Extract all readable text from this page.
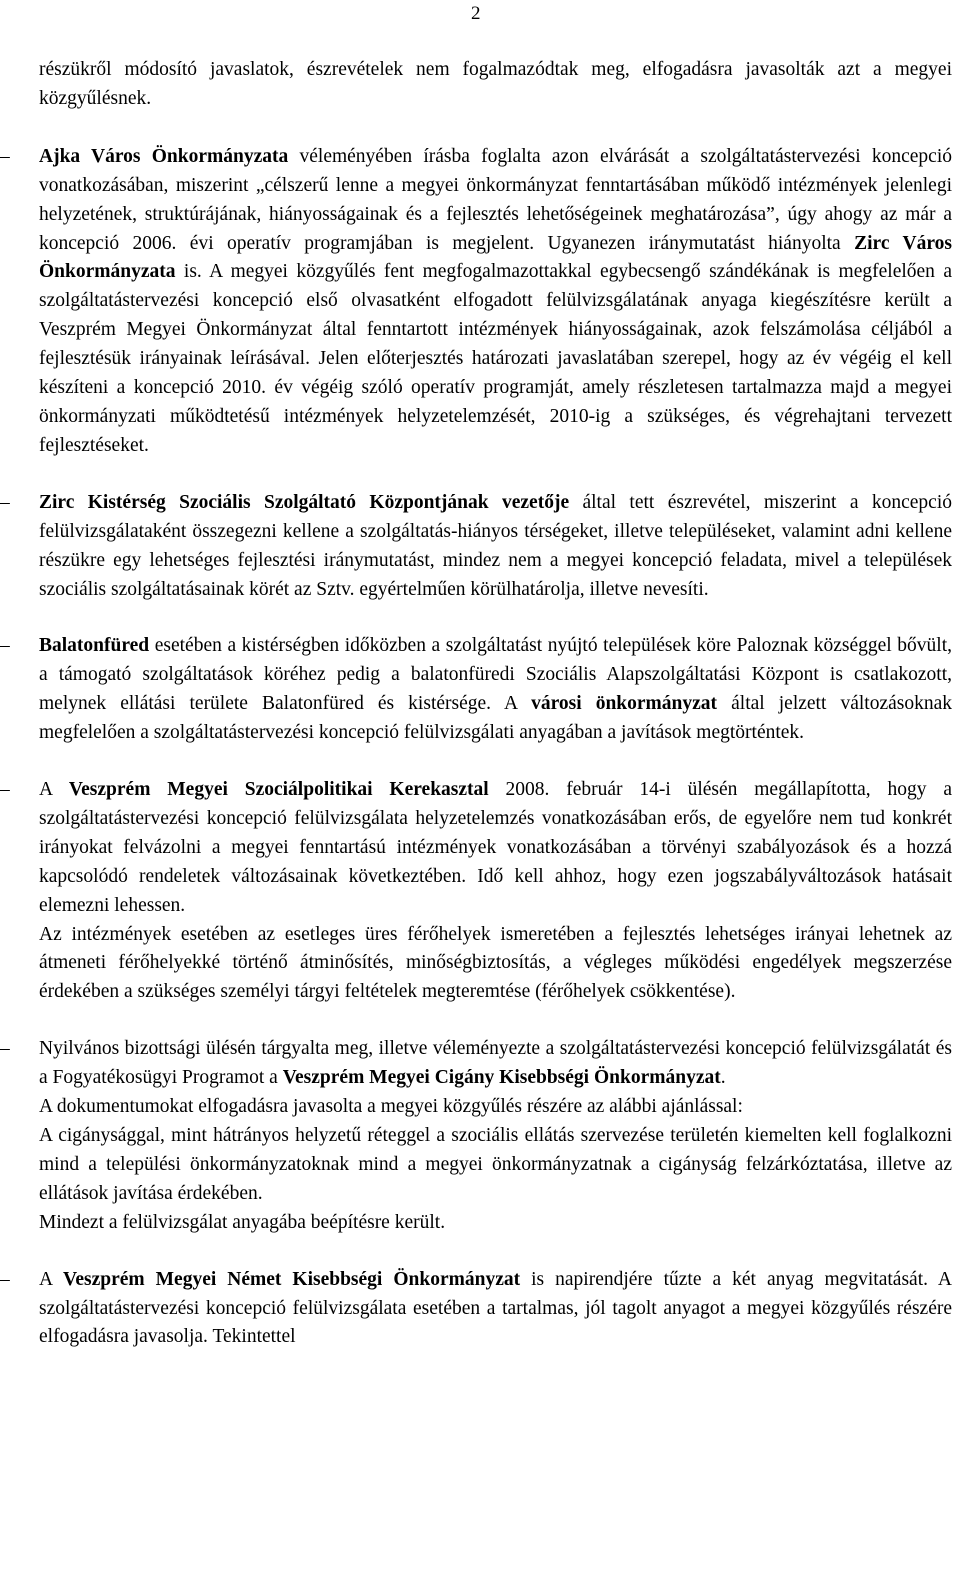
2

részükről módosító javaslatok, észrevételek nem fogalmazódtak meg, elfogadásra javasolták azt a megyei közgyűlésnek.

–	Ajka Város Önkormányzata véleményében írásba foglalta azon elvárását a szolgáltatástervezési koncepció vonatkozásában, miszerint „célszerű lenne a megyei önkormányzat fenntartásában működő intézmények jelenlegi helyzetének, struktúrájának, hiányosságainak és a fejlesztés lehetőségeinek meghatározása”, úgy ahogy az már a koncepció 2006. évi operatív programjában is megjelent. Ugyanezen iránymutatást hiányolta Zirc Város Önkormányzata is. A megyei közgyűlés fent megfogalmazottakkal egybecsengő szándékának is megfelelően a szolgáltatástervezési koncepció első olvasatként elfogadott felülvizsgálatának anyaga kiegészítésre került a Veszprém Megyei Önkormányzat által fenntartott intézmények hiányosságainak, azok felszámolása céljából a fejlesztésük irányainak leírásával. Jelen előterjesztés határozati javaslatában szerepel, hogy az év végéig el kell készíteni a koncepció 2010. év végéig szóló operatív programját, amely részletesen tartalmazza majd a megyei önkormányzati működtetésű intézmények helyzetelemzését, 2010-ig a szükséges, és végrehajtani tervezett fejlesztéseket.

–	Zirc Kistérség Szociális Szolgáltató Központjának vezetője által tett észrevétel, miszerint a koncepció felülvizsgálataként összegezni kellene a szolgáltatás-hiányos térségeket, illetve településeket, valamint adni kellene részükre egy lehetséges fejlesztési iránymutatást, mindez nem a megyei koncepció feladata, mivel a települések szociális szolgáltatásainak körét az Sztv. egyértelműen körülhatárolja, illetve nevesíti.

–	Balatonfüred esetében a kistérségben időközben a szolgáltatást nyújtó települések köre Paloznak községgel bővült, a támogató szolgáltatások köréhez pedig a balatonfüredi Szociális Alapszolgáltatási Központ is csatlakozott, melynek ellátási területe Balatonfüred és kistérsége. A városi önkormányzat által jelzett változásoknak megfelelően a szolgáltatástervezési koncepció felülvizsgálati anyagában a javítások megtörténtek.

–	A Veszprém Megyei Szociálpolitikai Kerekasztal 2008. február 14-i ülésén megállapította, hogy a szolgáltatástervezési koncepció felülvizsgálata helyzetelemzés vonatkozásában erős, de egyelőre nem tud konkrét irányokat felvázolni a megyei fenntartású intézmények vonatkozásában a törvényi szabályozások és a hozzá kapcsolódó rendeletek változásainak következtében. Idő kell ahhoz, hogy ezen jogszabályváltozások hatásait elemezni lehessen.

Az intézmények esetében az esetleges üres férőhelyek ismeretében a fejlesztés lehetséges irányai lehetnek az átmeneti férőhelyekké történő átminősítés, minőségbiztosítás, a végleges működési engedélyek megszerzése érdekében a szükséges személyi tárgyi feltételek megteremtése (férőhelyek csökkentése).

–	Nyilvános bizottsági ülésén tárgyalta meg, illetve véleményezte a szolgáltatástervezési koncepció felülvizsgálatát és a Fogyatékosügyi Programot a Veszprém Megyei Cigány Kisebbségi Önkormányzat.

A dokumentumokat elfogadásra javasolta a megyei közgyűlés részére az alábbi ajánlással:

A cigánysággal, mint hátrányos helyzetű réteggel a szociális ellátás szervezése területén kiemelten kell foglalkozni mind a települési önkormányzatoknak mind a megyei önkormányzatnak a cigányság felzárkóztatása, illetve az ellátások javítása érdekében.

Mindezt a felülvizsgálat anyagába beépítésre került.

–	A Veszprém Megyei Német Kisebbségi Önkormányzat is napirendjére tűzte a két anyag megvitatását. A szolgáltatástervezési koncepció felülvizsgálata esetében a tartalmas, jól tagolt anyagot a megyei közgyűlés részére elfogadásra javasolja. Tekintettel
